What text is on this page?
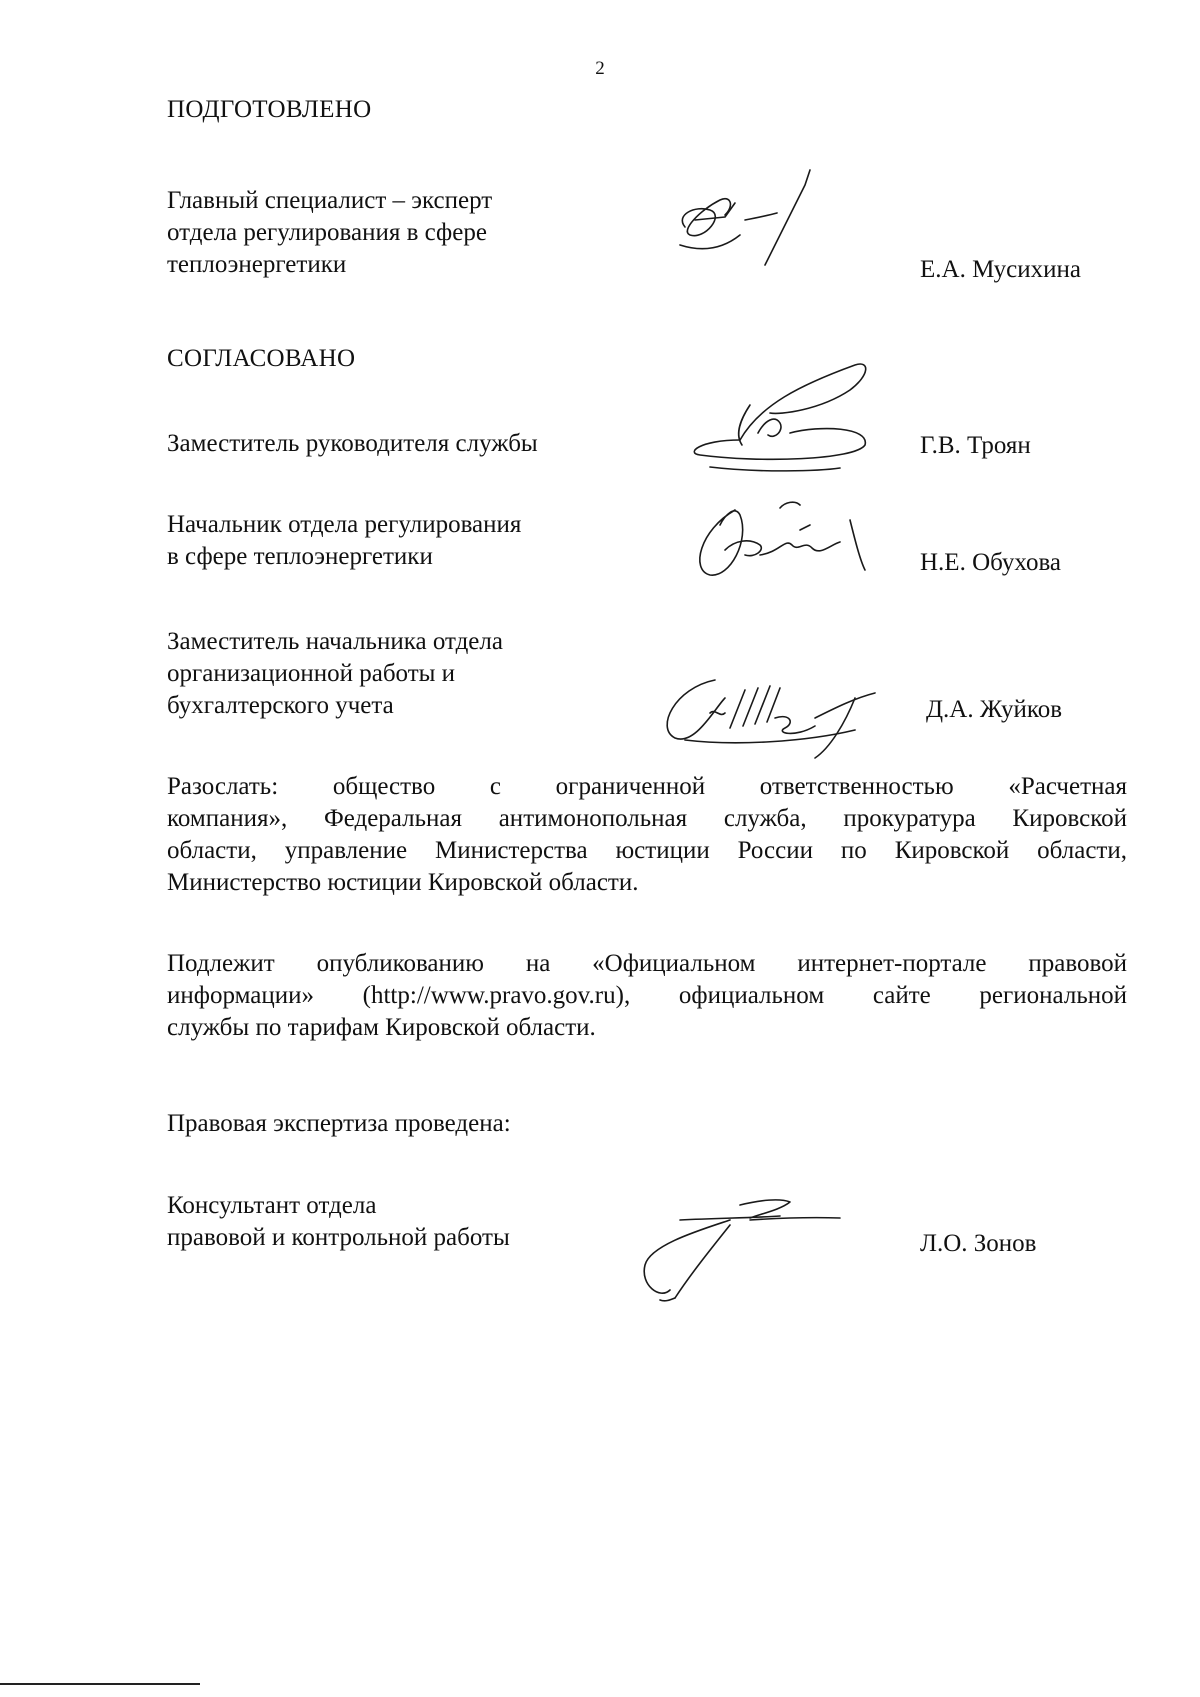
2
ПОДГОТОВЛЕНО
Главный специалист – эксперт
отдела регулирования в сфере
теплоэнергетики	Е.А. Мусихина
СОГЛАСОВАНО
Заместитель руководителя службы	Г.В. Троян
Начальник отдела регулирования
в сфере теплоэнергетики	Н.Е. Обухова
Заместитель начальника отдела
организационной работы и
бухгалтерского учета	Д.А. Жуйков
Разослать: общество с ограниченной ответственностью «Расчетная
компания», Федеральная антимонопольная служба, прокуратура Кировской
области, управление Министерства юстиции России по Кировской области,
Министерство юстиции Кировской области.
Подлежит опубликованию на «Официальном интернет-портале правовой
информации» (http://www.pravo.gov.ru), официальном сайте региональной
службы по тарифам Кировской области.
Правовая экспертиза проведена:
Консультант отдела
правовой и контрольной работы	Л.О. Зонов
